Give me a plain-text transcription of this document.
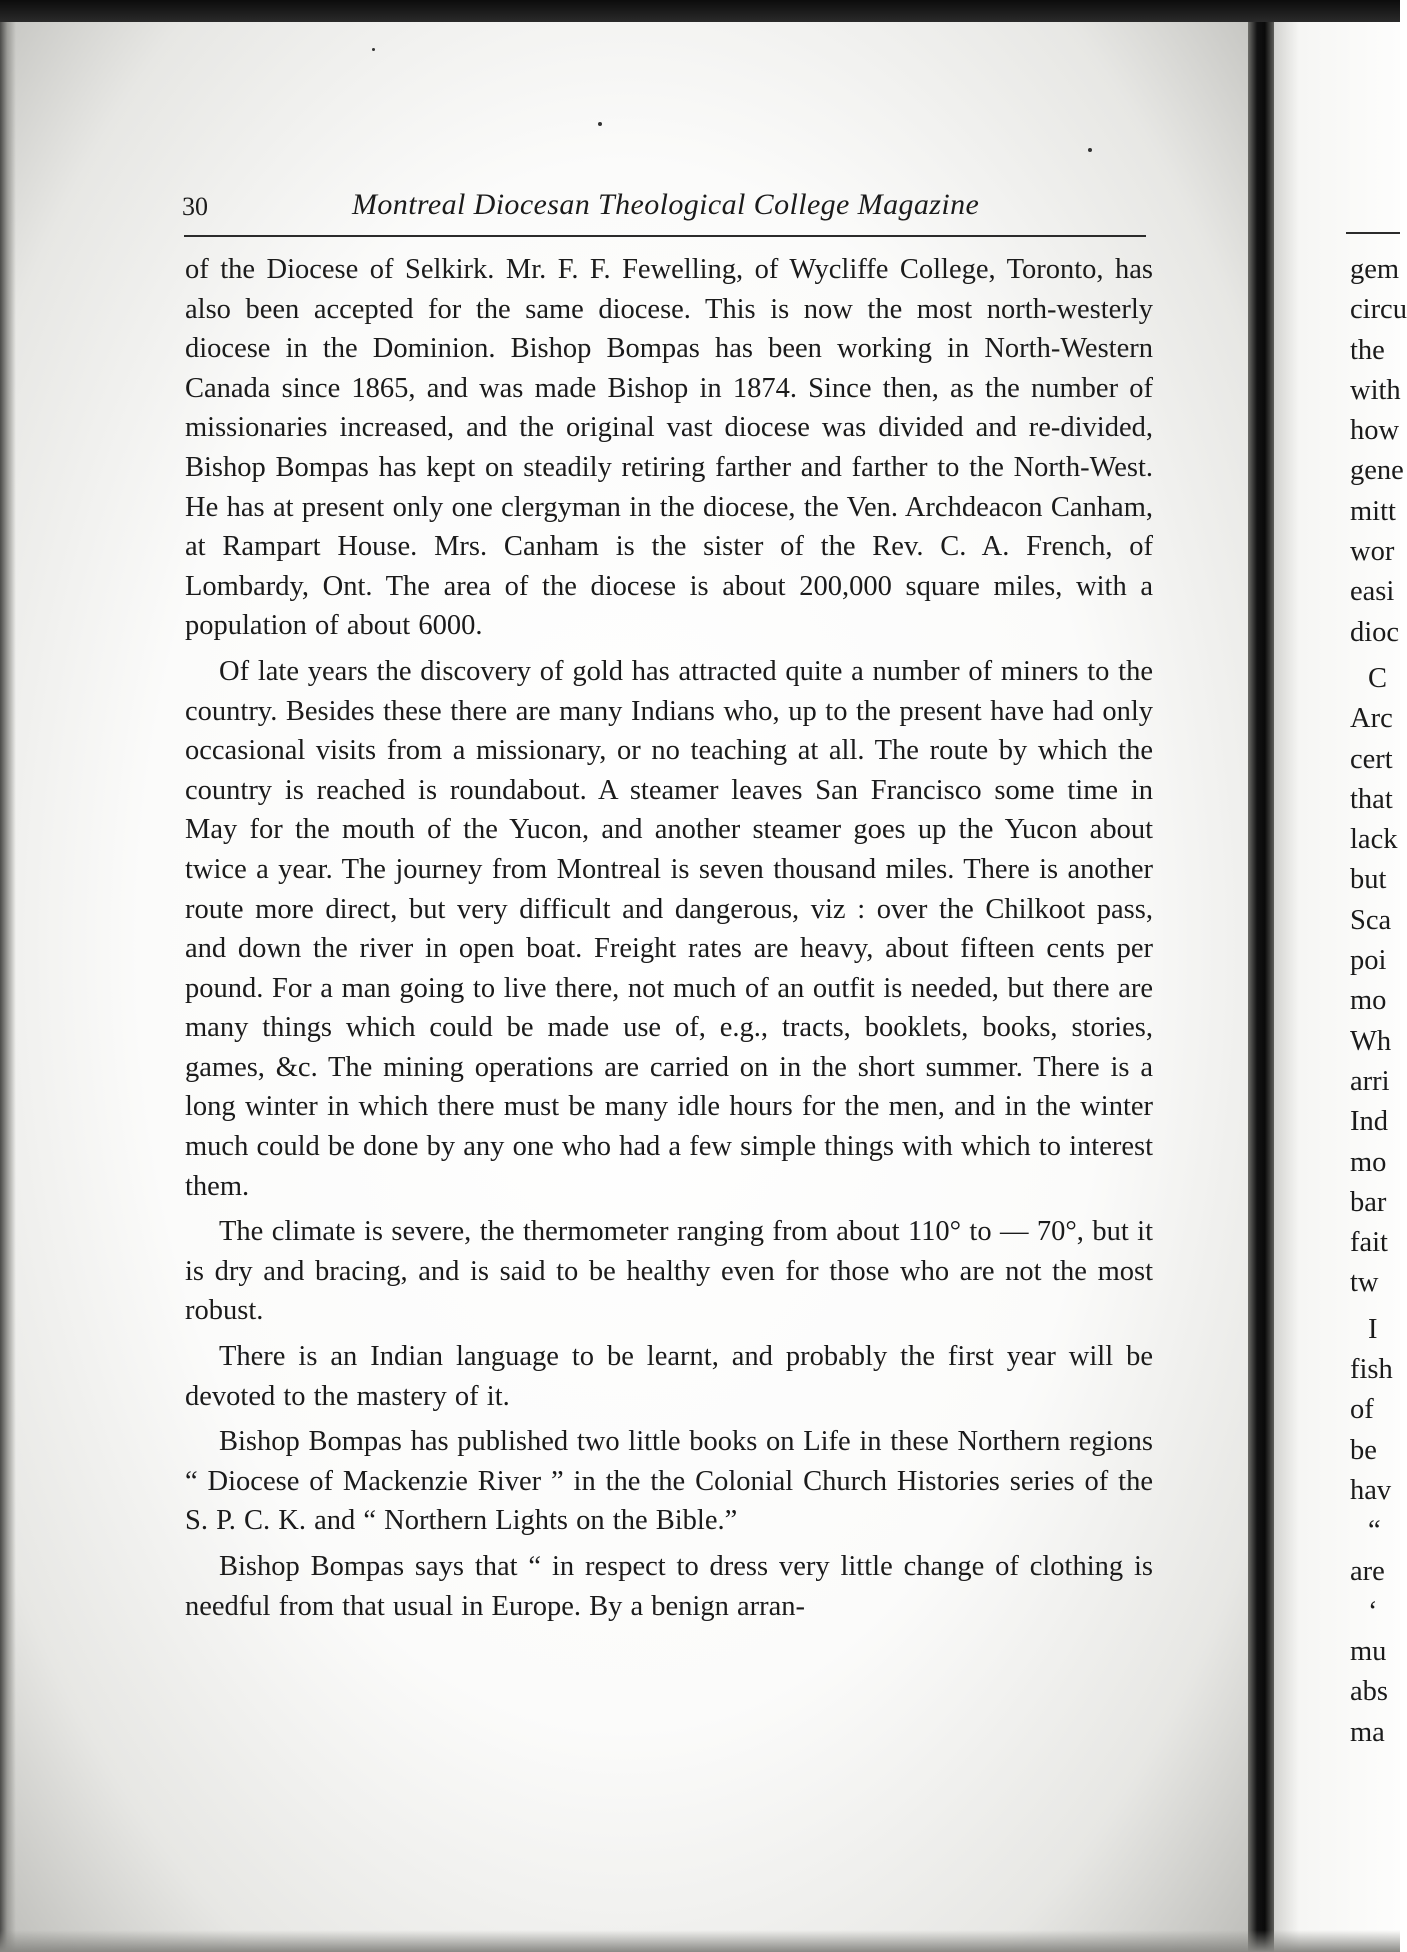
30	Montreal Diocesan Theological College Magazine

of the Diocese of Selkirk. Mr. F. F. Fewelling, of Wycliffe College, Toronto, has also been accepted for the same diocese. This is now the most north-westerly diocese in the Dominion. Bishop Bompas has been working in North-Western Canada since 1865, and was made Bishop in 1874. Since then, as the number of missionaries increased, and the original vast diocese was divided and re-divided, Bishop Bompas has kept on steadily retiring farther and farther to the North-West. He has at present only one clergyman in the diocese, the Ven. Archdeacon Canham, at Rampart House. Mrs. Canham is the sister of the Rev. C. A. French, of Lombardy, Ont. The area of the diocese is about 200,000 square miles, with a population of about 6000.

Of late years the discovery of gold has attracted quite a number of miners to the country. Besides these there are many Indians who, up to the present have had only occasional visits from a missionary, or no teaching at all. The route by which the country is reached is roundabout. A steamer leaves San Francisco some time in May for the mouth of the Yucon, and another steamer goes up the Yucon about twice a year. The journey from Montreal is seven thousand miles. There is another route more direct, but very difficult and dangerous, viz : over the Chilkoot pass, and down the river in open boat. Freight rates are heavy, about fifteen cents per pound. For a man going to live there, not much of an outfit is needed, but there are many things which could be made use of, e.g., tracts, booklets, books, stories, games, &c. The mining operations are carried on in the short summer. There is a long winter in which there must be many idle hours for the men, and in the winter much could be done by any one who had a few simple things with which to interest them.

The climate is severe, the thermometer ranging from about 110° to — 70°, but it is dry and bracing, and is said to be healthy even for those who are not the most robust.

There is an Indian language to be learnt, and probably the first year will be devoted to the mastery of it.

Bishop Bompas has published two little books on Life in these Northern regions “ Diocese of Mackenzie River ” in the the Colonial Church Histories series of the S. P. C. K. and “ Northern Lights on the Bible.”

Bishop Bompas says that “ in respect to dress very little change of clothing is needful from that usual in Europe. By a benign arran-

gem
circu
the
with
how
gene
mitt
wor
easi
dioc
C
Arc
cert
that
lack
but
Sca
poi
mo
Wh
arri
Ind
mo
bar
fait
tw
I
fish
of
be
hav
“
are
‘
mu
abs
ma
